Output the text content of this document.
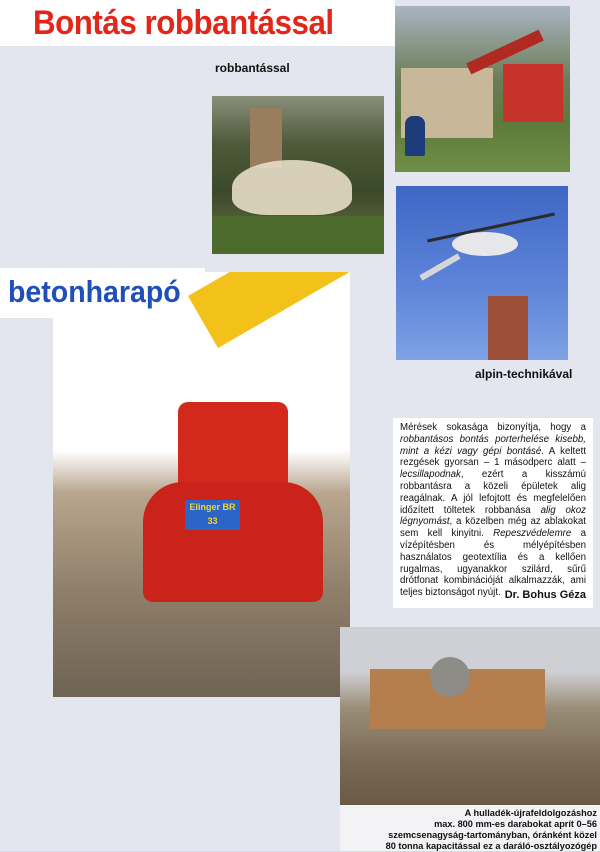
Bontás robbantással
robbantással
alpin-technikával
Elinger BR 33
betonharapó

Mérések sokasága bizonyítja, hogy a robbantásos bontás porterhelése kisebb, mint a kézi vagy gépi bontásé. A keltett rezgések gyorsan – 1 másodperc alatt – lecsillapodnak, ezért a kisszámú robbantásra a közeli épületek alig reagálnak. A jól lefojtott és megfelelően időzített töltetek robbanása alig okoz légnyomást, a közelben még az ablakokat sem kell kinyitni. Repeszvédelemre a vízépítésben és mélyépítésben használatos geotextília és a kellően rugalmas, ugyanakkor szilárd, sűrű drótfonat kombinációját alkalmazzák, ami teljes biztonságot nyújt. Dr. Bohus Géza
A hulladék-újrafeldolgozáshoz
max. 800 mm-es darabokat aprít 0–56
szemcsenagyság-tartományban, óránként közel
80 tonna kapacitással ez a daráló-osztályozógép
